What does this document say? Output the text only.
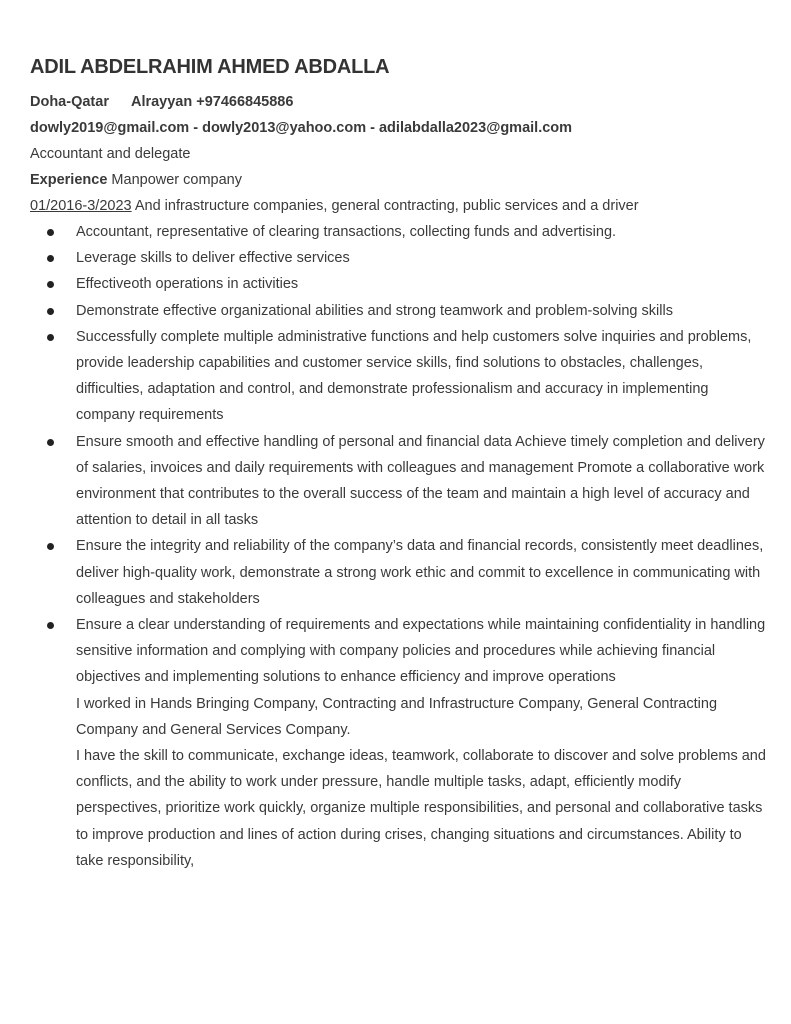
ADIL ABDELRAHIM AHMED ABDALLA

Doha-Qatar Alrayyan +97466845886

dowly2019@gmail.com - dowly2013@yahoo.com - adilabdalla2023@gmail.com

Accountant and delegate

Experience Manpower company

01/2016-3/2023 And infrastructure companies, general contracting, public services and a driver

Accountant, representative of clearing transactions, collecting funds and advertising.
Leverage skills to deliver effective services
Effectiveoth operations in activities
Demonstrate effective organizational abilities and strong teamwork and problem-solving skills
Successfully complete multiple administrative functions and help customers solve inquiries and problems, provide leadership capabilities and customer service skills, find solutions to obstacles, challenges, difficulties, adaptation and control, and demonstrate professionalism and accuracy in implementing company requirements
Ensure smooth and effective handling of personal and financial data Achieve timely completion and delivery of salaries, invoices and daily requirements with colleagues and management Promote a collaborative work environment that contributes to the overall success of the team and maintain a high level of accuracy and attention to detail in all tasks
Ensure the integrity and reliability of the company’s data and financial records, consistently meet deadlines, deliver high-quality work, demonstrate a strong work ethic and commit to excellence in communicating with colleagues and stakeholders
Ensure a clear understanding of requirements and expectations while maintaining confidentiality in handling sensitive information and complying with company policies and procedures while achieving financial objectives and implementing solutions to enhance efficiency and improve operations

I worked in Hands Bringing Company, Contracting and Infrastructure Company, General Contracting Company and General Services Company.

I have the skill to communicate, exchange ideas, teamwork, collaborate to discover and solve problems and conflicts, and the ability to work under pressure, handle multiple tasks, adapt, efficiently modify perspectives, prioritize work quickly, organize multiple responsibilities, and personal and collaborative tasks to improve production and lines of action during crises, changing situations and circumstances. Ability to take responsibility,
